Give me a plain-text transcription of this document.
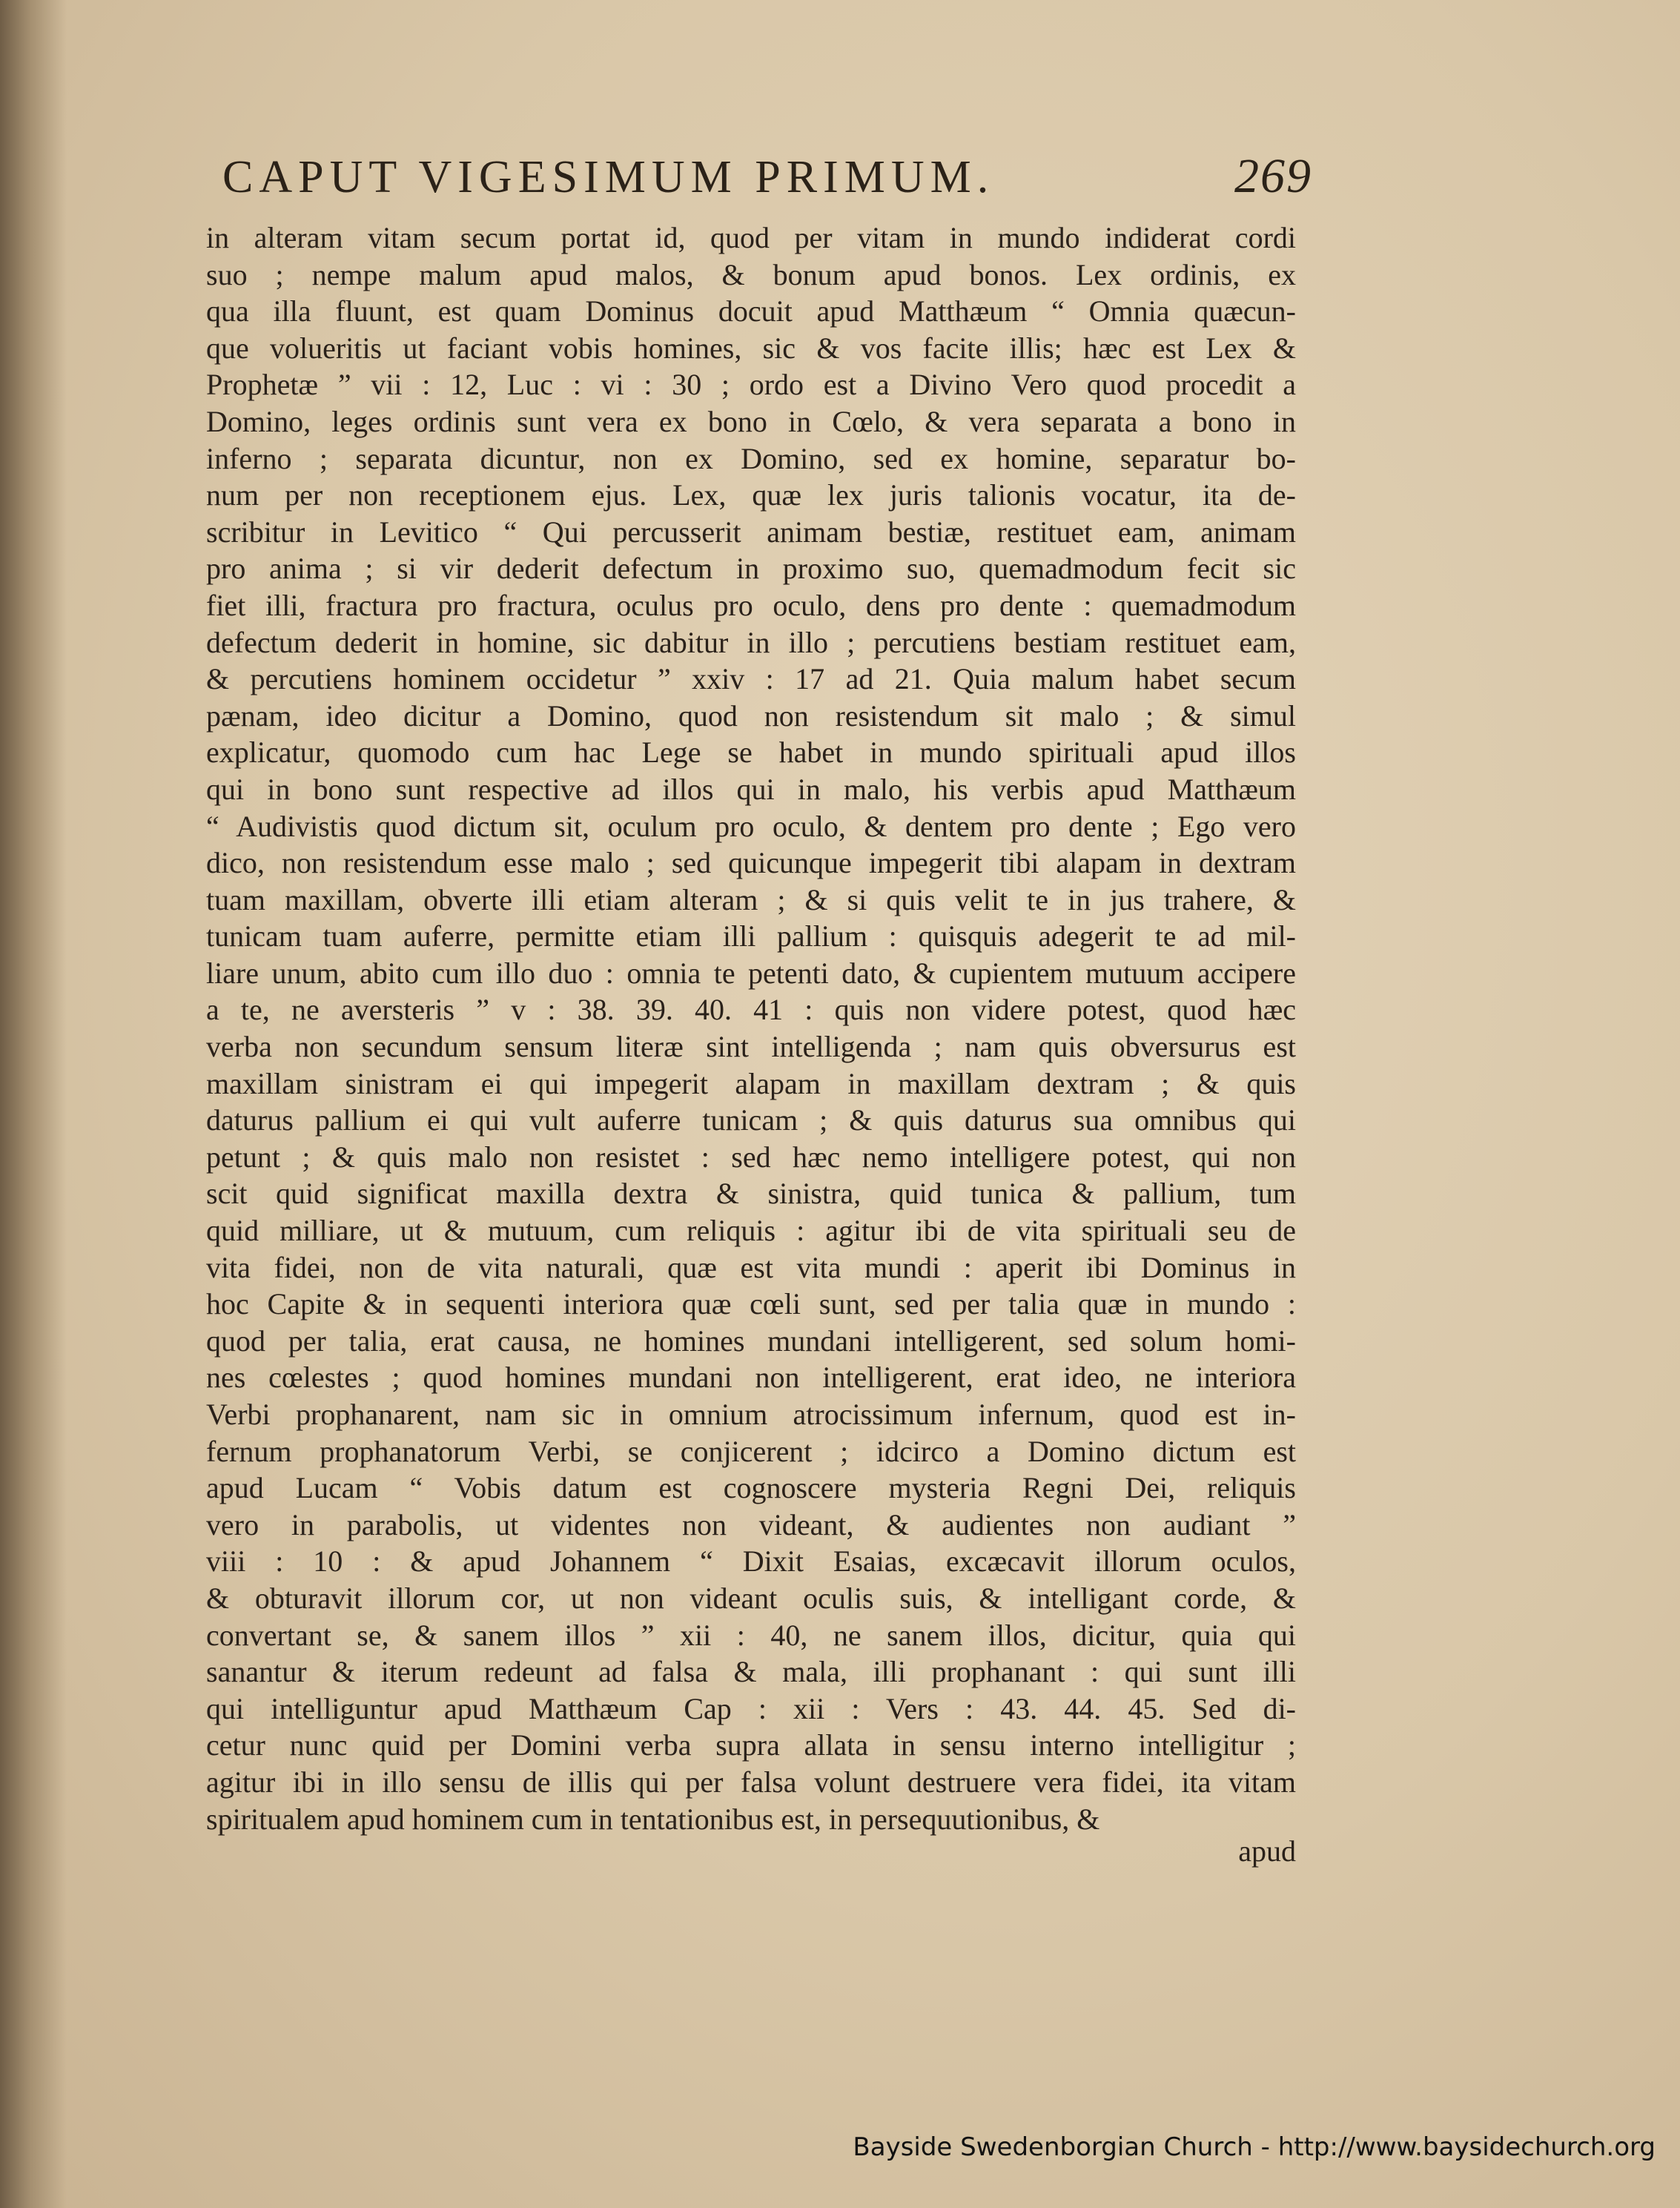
CAPUT VIGESIMUM PRIMUM.	269
in alteram vitam secum portat id, quod per vitam in mundo indiderat cordi
suo ; nempe malum apud malos, & bonum apud bonos. Lex ordinis, ex
qua illa fluunt, est quam Dominus docuit apud Matthæum “ Omnia quæcun-
que volueritis ut faciant vobis homines, sic & vos facite illis; hæc est Lex &
Prophetæ ” vii : 12, Luc : vi : 30 ; ordo est a Divino Vero quod procedit a
Domino, leges ordinis sunt vera ex bono in Cœlo, & vera separata a bono in
inferno ; separata dicuntur, non ex Domino, sed ex homine, separatur bo-
num per non receptionem ejus. Lex, quæ lex juris talionis vocatur, ita de-
scribitur in Levitico “ Qui percusserit animam bestiæ, restituet eam, animam
pro anima ; si vir dederit defectum in proximo suo, quemadmodum fecit sic
fiet illi, fractura pro fractura, oculus pro oculo, dens pro dente : quemadmodum
defectum dederit in homine, sic dabitur in illo ; percutiens bestiam restituet eam,
& percutiens hominem occidetur ” xxiv : 17 ad 21. Quia malum habet secum
pænam, ideo dicitur a Domino, quod non resistendum sit malo ; & simul
explicatur, quomodo cum hac Lege se habet in mundo spirituali apud illos
qui in bono sunt respective ad illos qui in malo, his verbis apud Matthæum
“ Audivistis quod dictum sit, oculum pro oculo, & dentem pro dente ; Ego vero
dico, non resistendum esse malo ; sed quicunque impegerit tibi alapam in dextram
tuam maxillam, obverte illi etiam alteram ; & si quis velit te in jus trahere, &
tunicam tuam auferre, permitte etiam illi pallium : quisquis adegerit te ad mil-
liare unum, abito cum illo duo : omnia te petenti dato, & cupientem mutuum accipere
a te, ne aversteris ” v : 38. 39. 40. 41 : quis non videre potest, quod hæc
verba non secundum sensum literæ sint intelligenda ; nam quis obversurus est
maxillam sinistram ei qui impegerit alapam in maxillam dextram ; & quis
daturus pallium ei qui vult auferre tunicam ; & quis daturus sua omnibus qui
petunt ; & quis malo non resistet : sed hæc nemo intelligere potest, qui non
scit quid significat maxilla dextra & sinistra, quid tunica & pallium, tum
quid milliare, ut & mutuum, cum reliquis : agitur ibi de vita spirituali seu de
vita fidei, non de vita naturali, quæ est vita mundi : aperit ibi Dominus in
hoc Capite & in sequenti interiora quæ cœli sunt, sed per talia quæ in mundo :
quod per talia, erat causa, ne homines mundani intelligerent, sed solum homi-
nes cœlestes ; quod homines mundani non intelligerent, erat ideo, ne interiora
Verbi prophanarent, nam sic in omnium atrocissimum infernum, quod est in-
fernum prophanatorum Verbi, se conjicerent ; idcirco a Domino dictum est
apud Lucam “ Vobis datum est cognoscere mysteria Regni Dei, reliquis
vero in parabolis, ut videntes non videant, & audientes non audiant ”
viii : 10 : & apud Johannem “ Dixit Esaias, excæcavit illorum oculos,
& obturavit illorum cor, ut non videant oculis suis, & intelligant corde, &
convertant se, & sanem illos ” xii : 40, ne sanem illos, dicitur, quia qui
sanantur & iterum redeunt ad falsa & mala, illi prophanant : qui sunt illi
qui intelliguntur apud Matthæum Cap : xii : Vers : 43. 44. 45. Sed di-
cetur nunc quid per Domini verba supra allata in sensu interno intelligitur ;
agitur ibi in illo sensu de illis qui per falsa volunt destruere vera fidei, ita vitam
spiritualem apud hominem cum in tentationibus est, in persequutionibus, &
apud
Bayside Swedenborgian Church - http://www.baysidechurch.org
